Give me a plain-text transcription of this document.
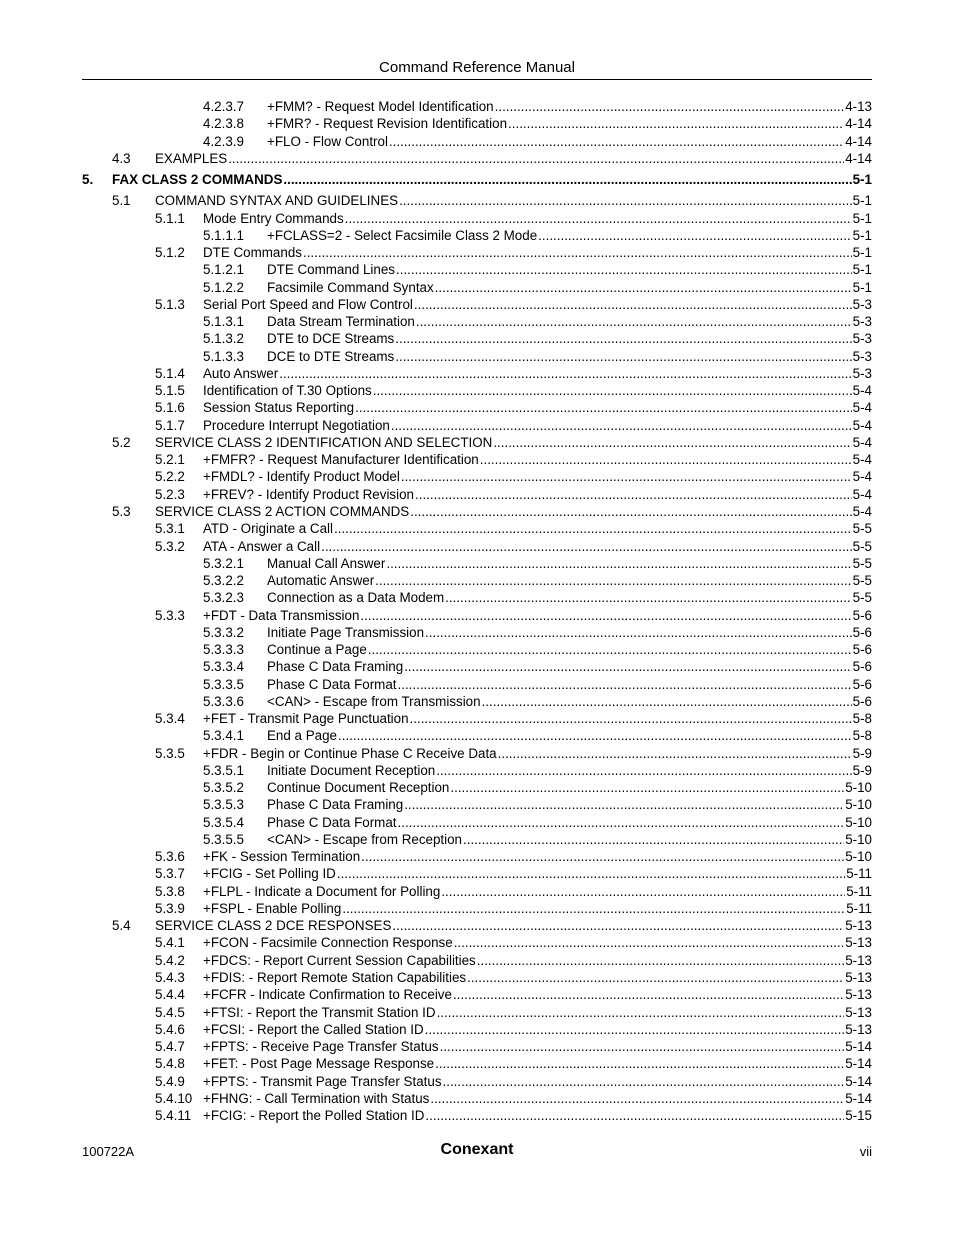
Command Reference Manual
4.2.3.7 +FMM? - Request Model Identification .....	4-13
4.2.3.8 +FMR? - Request Revision Identification .....	4-14
4.2.3.9 +FLO - Flow Control .....	4-14
4.3 EXAMPLES .....	4-14
5. FAX CLASS 2 COMMANDS .....	5-1
5.1 COMMAND SYNTAX AND GUIDELINES .....	5-1
5.1.1 Mode Entry Commands .....	5-1
5.1.1.1 +FCLASS=2 - Select Facsimile Class 2 Mode .....	5-1
5.1.2 DTE Commands .....	5-1
5.1.2.1 DTE Command Lines .....	5-1
5.1.2.2 Facsimile Command Syntax .....	5-1
5.1.3 Serial Port Speed and Flow Control .....	5-3
5.1.3.1 Data Stream Termination .....	5-3
5.1.3.2 DTE to DCE Streams .....	5-3
5.1.3.3 DCE to DTE Streams .....	5-3
5.1.4 Auto Answer .....	5-3
5.1.5 Identification of T.30 Options .....	5-4
5.1.6 Session Status Reporting .....	5-4
5.1.7 Procedure Interrupt Negotiation .....	5-4
5.2 SERVICE CLASS 2 IDENTIFICATION AND SELECTION .....	5-4
5.2.1 +FMFR? - Request Manufacturer Identification .....	5-4
5.2.2 +FMDL? - Identify Product Model .....	5-4
5.2.3 +FREV? - Identify Product Revision .....	5-4
5.3 SERVICE CLASS 2 ACTION COMMANDS .....	5-4
5.3.1 ATD - Originate a Call .....	5-5
5.3.2 ATA - Answer a Call .....	5-5
5.3.2.1 Manual Call Answer .....	5-5
5.3.2.2 Automatic Answer .....	5-5
5.3.2.3 Connection as a Data Modem .....	5-5
5.3.3 +FDT - Data Transmission .....	5-6
5.3.3.2 Initiate Page Transmission .....	5-6
5.3.3.3 Continue a Page .....	5-6
5.3.3.4 Phase C Data Framing .....	5-6
5.3.3.5 Phase C Data Format .....	5-6
5.3.3.6 <CAN> - Escape from Transmission .....	5-6
5.3.4 +FET - Transmit Page Punctuation .....	5-8
5.3.4.1 End a Page .....	5-8
5.3.5 +FDR - Begin or Continue Phase C Receive Data .....	5-9
5.3.5.1 Initiate Document Reception .....	5-9
5.3.5.2 Continue Document Reception .....	5-10
5.3.5.3 Phase C Data Framing .....	5-10
5.3.5.4 Phase C Data Format .....	5-10
5.3.5.5 <CAN> - Escape from Reception .....	5-10
5.3.6 +FK - Session Termination .....	5-10
5.3.7 +FCIG - Set Polling ID .....	5-11
5.3.8 +FLPL - Indicate a Document for Polling .....	5-11
5.3.9 +FSPL - Enable Polling .....	5-11
5.4 SERVICE CLASS 2 DCE RESPONSES .....	5-13
5.4.1 +FCON - Facsimile Connection Response .....	5-13
5.4.2 +FDCS: - Report Current Session Capabilities .....	5-13
5.4.3 +FDIS: - Report Remote Station Capabilities .....	5-13
5.4.4 +FCFR - Indicate Confirmation to Receive .....	5-13
5.4.5 +FTSI: - Report the Transmit Station ID .....	5-13
5.4.6 +FCSI: - Report the Called Station ID .....	5-13
5.4.7 +FPTS: - Receive Page Transfer Status .....	5-14
5.4.8 +FET: - Post Page Message Response .....	5-14
5.4.9 +FPTS: - Transmit Page Transfer Status .....	5-14
5.4.10 +FHNG: - Call Termination with Status .....	5-14
5.4.11 +FCIG: - Report the Polled Station ID .....	5-15
100722A	Conexant	vii
